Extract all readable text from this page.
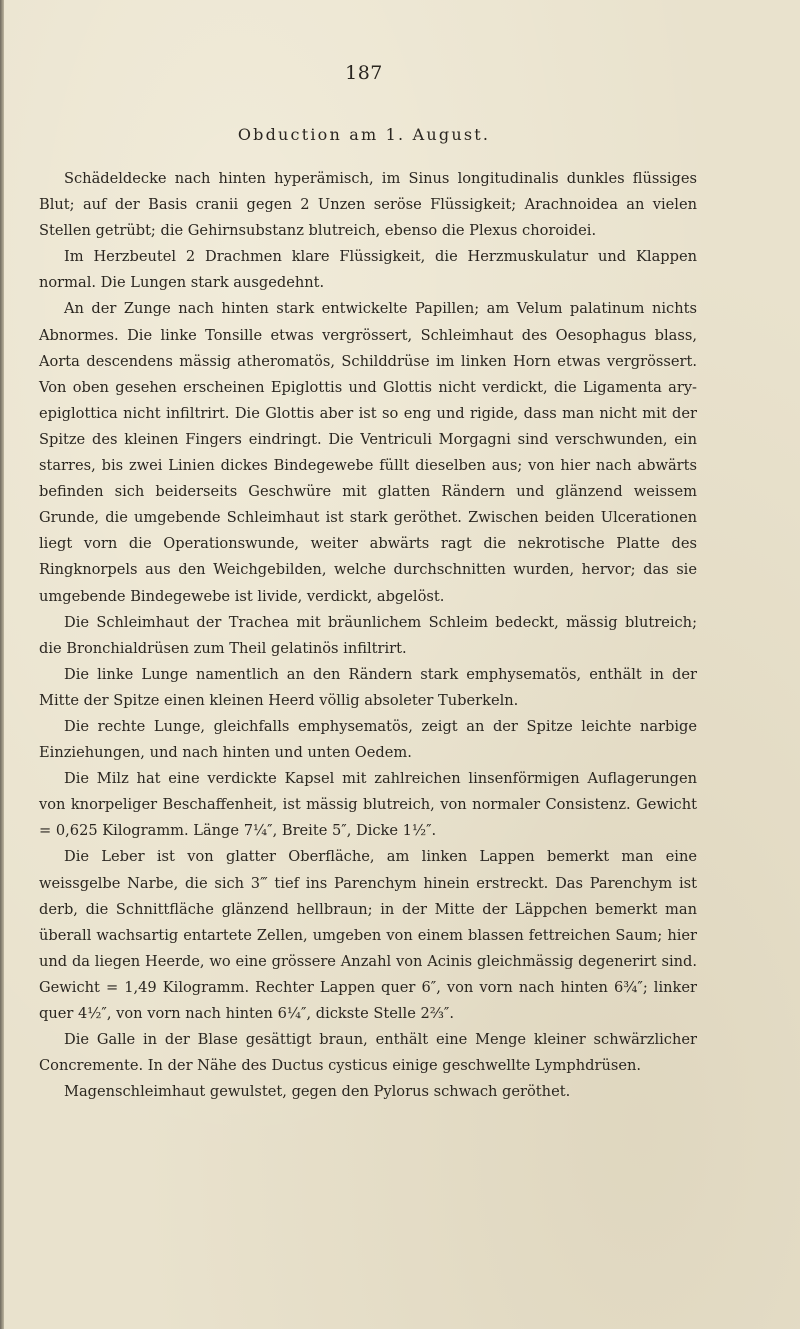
187
Obduction am 1. August.

Schädeldecke nach hinten hyperämisch, im Sinus longitudinalis dunkles flüssiges Blut; auf der Basis cranii gegen 2 Unzen seröse Flüssigkeit; Arachnoidea an vielen Stellen getrübt; die Gehirnsubstanz blutreich, ebenso die Plexus choroidei.

Im Herzbeutel 2 Drachmen klare Flüssigkeit, die Herzmuskulatur und Klappen normal. Die Lungen stark ausgedehnt.

An der Zunge nach hinten stark entwickelte Papillen; am Velum palatinum nichts Abnormes. Die linke Tonsille etwas vergrössert, Schleimhaut des Oesophagus blass, Aorta descendens mässig atheromatös, Schilddrüse im linken Horn etwas vergrössert. Von oben gesehen erscheinen Epiglottis und Glottis nicht verdickt, die Ligamenta ary-epiglottica nicht infiltrirt. Die Glottis aber ist so eng und rigide, dass man nicht mit der Spitze des kleinen Fingers eindringt. Die Ventriculi Morgagni sind verschwunden, ein starres, bis zwei Linien dickes Bindegewebe füllt dieselben aus; von hier nach abwärts befinden sich beiderseits Geschwüre mit glatten Rändern und glänzend weissem Grunde, die umgebende Schleimhaut ist stark geröthet. Zwischen beiden Ulcerationen liegt vorn die Operationswunde, weiter abwärts ragt die nekrotische Platte des Ringknorpels aus den Weichgebilden, welche durchschnitten wurden, hervor; das sie umgebende Bindegewebe ist livide, verdickt, abgelöst.

Die Schleimhaut der Trachea mit bräunlichem Schleim bedeckt, mässig blutreich; die Bronchialdrüsen zum Theil gelatinös infiltrirt.

Die linke Lunge namentlich an den Rändern stark emphysematös, enthält in der Mitte der Spitze einen kleinen Heerd völlig absoleter Tuberkeln.

Die rechte Lunge, gleichfalls emphysematös, zeigt an der Spitze leichte narbige Einziehungen, und nach hinten und unten Oedem.

Die Milz hat eine verdickte Kapsel mit zahlreichen linsenförmigen Auflagerungen von knorpeliger Beschaffenheit, ist mässig blutreich, von normaler Consistenz. Gewicht = 0,625 Kilogramm. Länge 7¼″, Breite 5″, Dicke 1½″.

Die Leber ist von glatter Oberfläche, am linken Lappen bemerkt man eine weissgelbe Narbe, die sich 3‴ tief ins Parenchym hinein erstreckt. Das Parenchym ist derb, die Schnittfläche glänzend hellbraun; in der Mitte der Läppchen bemerkt man überall wachsartig entartete Zellen, umgeben von einem blassen fettreichen Saum; hier und da liegen Heerde, wo eine grössere Anzahl von Acinis gleichmässig degenerirt sind. Gewicht = 1,49 Kilogramm. Rechter Lappen quer 6″, von vorn nach hinten 6¾″; linker quer 4½″, von vorn nach hinten 6¼″, dickste Stelle 2⅔″.

Die Galle in der Blase gesättigt braun, enthält eine Menge kleiner schwärzlicher Concremente. In der Nähe des Ductus cysticus einige geschwellte Lymphdrüsen.

Magenschleimhaut gewulstet, gegen den Pylorus schwach geröthet.
